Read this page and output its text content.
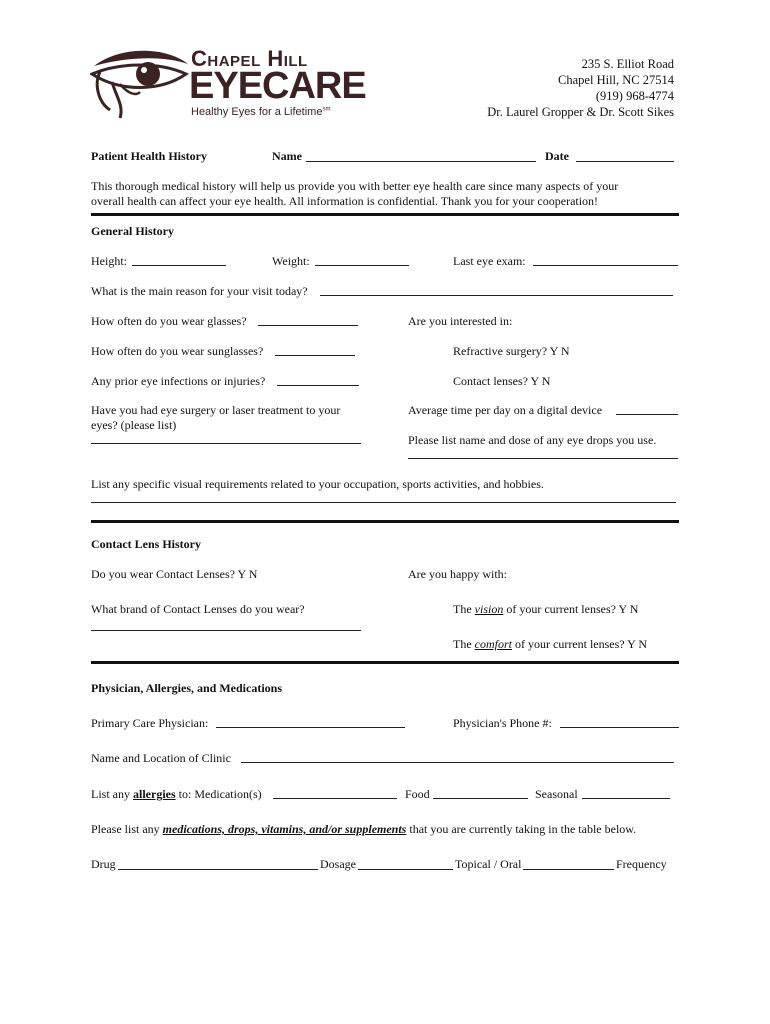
Chapel Hill
EYECARE
Healthy Eyes for a Lifetime$^{sm}$
235 S. Elliot Road
Chapel Hill, NC 27514
(919) 968-4774
Dr. Laurel Gropper & Dr. Scott Sikes
Patient Health History	Name	Date
This thorough medical history will help us provide you with better eye health care since many aspects of your
overall health can affect your eye health. All information is confidential. Thank you for your cooperation!
General History
Height:	Weight:	Last eye exam:
What is the main reason for your visit today?
How often do you wear glasses?	Are you interested in:
How often do you wear sunglasses?	Refractive surgery? Y N
Any prior eye infections or injuries?	Contact lenses? Y N
Have you had eye surgery or laser treatment to your
eyes? (please list)
Average time per day on a digital device
Please list name and dose of any eye drops you use.
List any specific visual requirements related to your occupation, sports activities, and hobbies.
Contact Lens History
Do you wear Contact Lenses? Y N	Are you happy with:
What brand of Contact Lenses do you wear?	The vision of your current lenses? Y N
The comfort of your current lenses? Y N
Physician, Allergies, and Medications
Primary Care Physician:	Physician's Phone #:
Name and Location of Clinic
List any allergies to: Medication(s)	Food	Seasonal
Please list any medications, drops, vitamins, and/or supplements that you are currently taking in the table below.
Drug	Dosage	Topical / Oral	Frequency
